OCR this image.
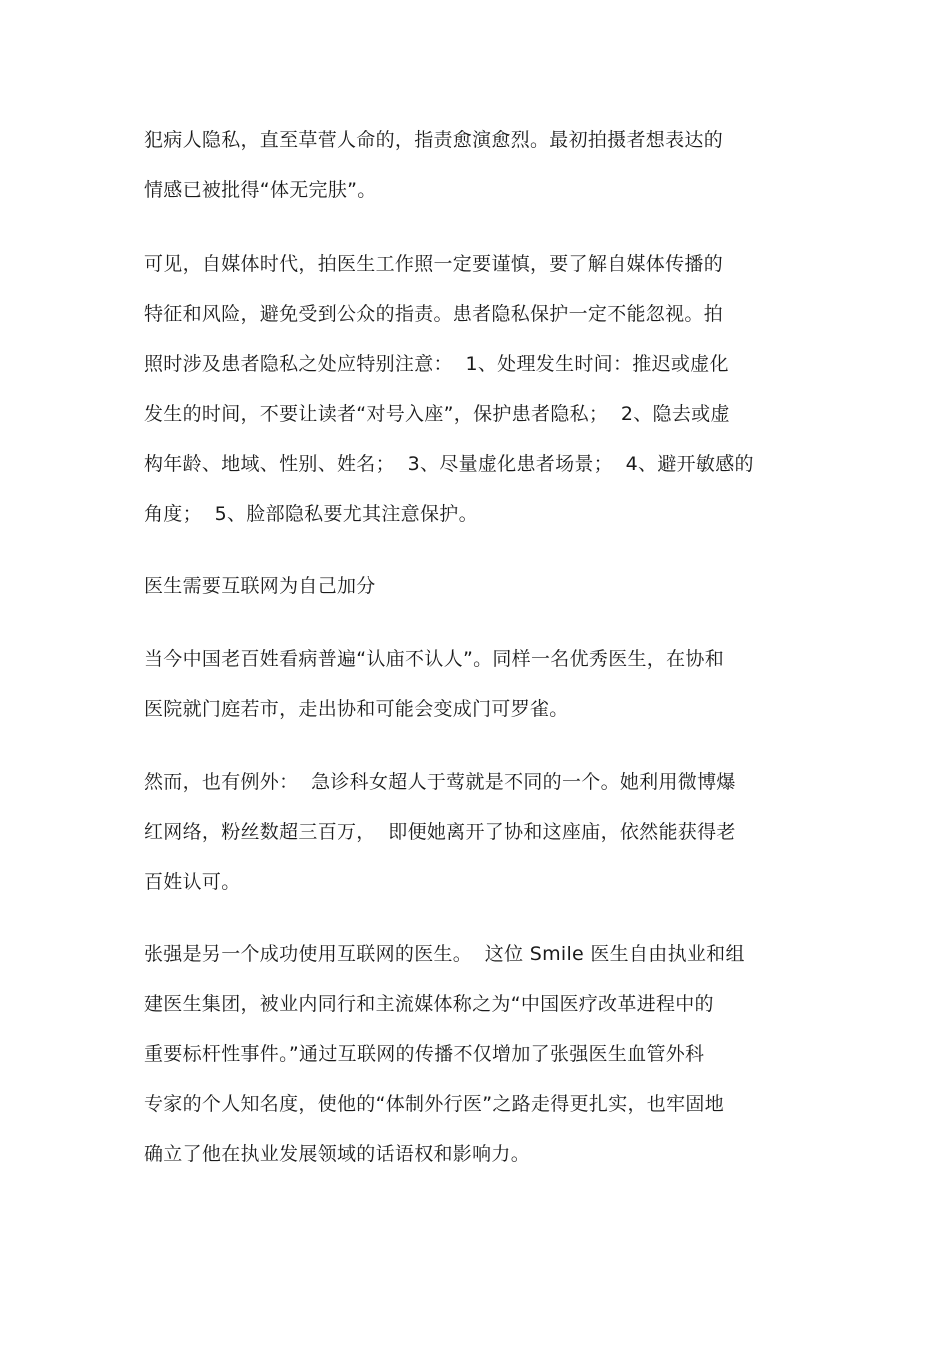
犯病人隐私，直至草菅人命的，指责愈演愈烈。最初拍摄者想表达的
情感已被批得“体无完肤”。
可见，自媒体时代，拍医生工作照一定要谨慎，要了解自媒体传播的
特征和风险，避免受到公众的指责。患者隐私保护一定不能忽视。拍
照时涉及患者隐私之处应特别注意：  1、处理发生时间：推迟或虚化
发生的时间，不要让读者“对号入座”，保护患者隐私；  2、隐去或虚
构年龄、地域、性别、姓名；  3、尽量虚化患者场景；  4、避开敏感的
角度；  5、脸部隐私要尤其注意保护。
医生需要互联网为自己加分
当今中国老百姓看病普遍“认庙不认人”。同样一名优秀医生，在协和
医院就门庭若市，走出协和可能会变成门可罗雀。
然而，也有例外：  急诊科女超人于莺就是不同的一个。她利用微博爆
红网络，粉丝数超三百万，  即便她离开了协和这座庙，依然能获得老
百姓认可。
张强是另一个成功使用互联网的医生。  这位 Smile 医生自由执业和组
建医生集团，被业内同行和主流媒体称之为“中国医疗改革进程中的
重要标杆性事件。”通过互联网的传播不仅增加了张强医生血管外科
专家的个人知名度，使他的“体制外行医”之路走得更扎实，也牢固地
确立了他在执业发展领域的话语权和影响力。
